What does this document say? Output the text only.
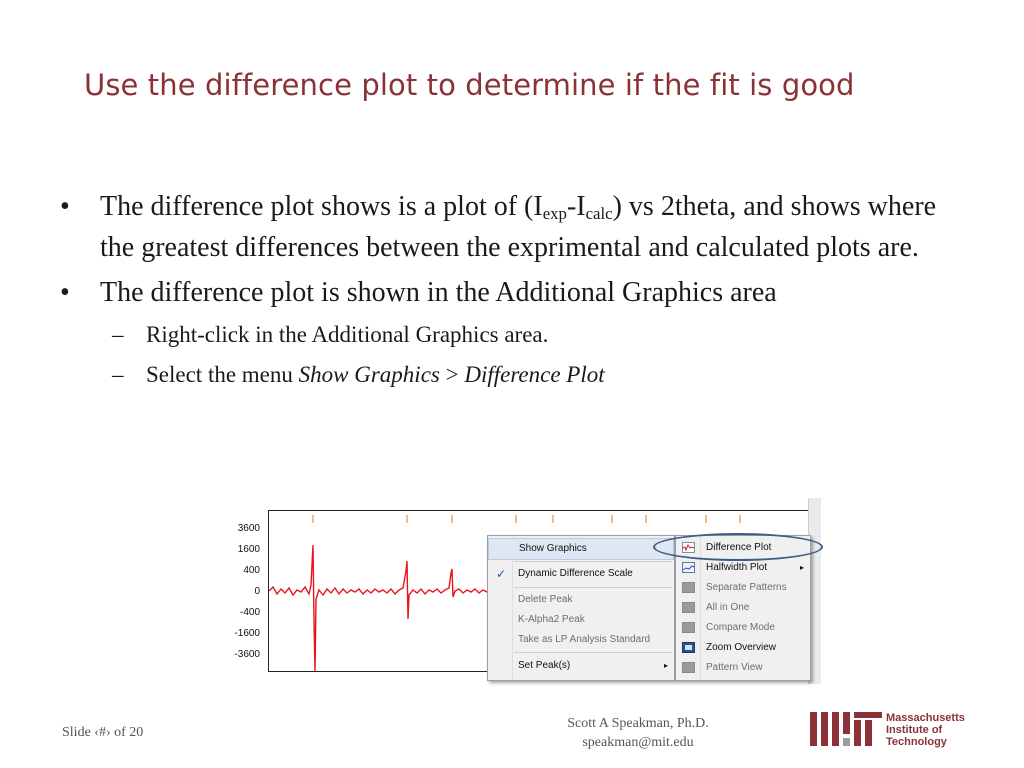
Use the difference plot to determine if the fit is good
• The difference plot shows is a plot of $(I_{exp}-I_{calc})$ vs 2theta, and shows where the greatest differences between the exprimental and calculated plots are.
• The difference plot is shown in the Additional Graphics area
– Right-click in the Additional Graphics area.
– Select the menu Show Graphics > Difference Plot
3600
1600
400
0
-400
-1600
-3600
Show Graphics
✓ Dynamic Difference Scale
Delete Peak
K-Alpha2 Peak
Take as LP Analysis Standard
Set Peak(s)	▸
Difference Plot
Halfwidth Plot	▸
Separate Patterns
All in One
Compare Mode
Zoom Overview
Pattern View
Slide ‹#› of 20
Scott A Speakman, Ph.D.
speakman@mit.edu
Massachusetts
Institute of
Technology
